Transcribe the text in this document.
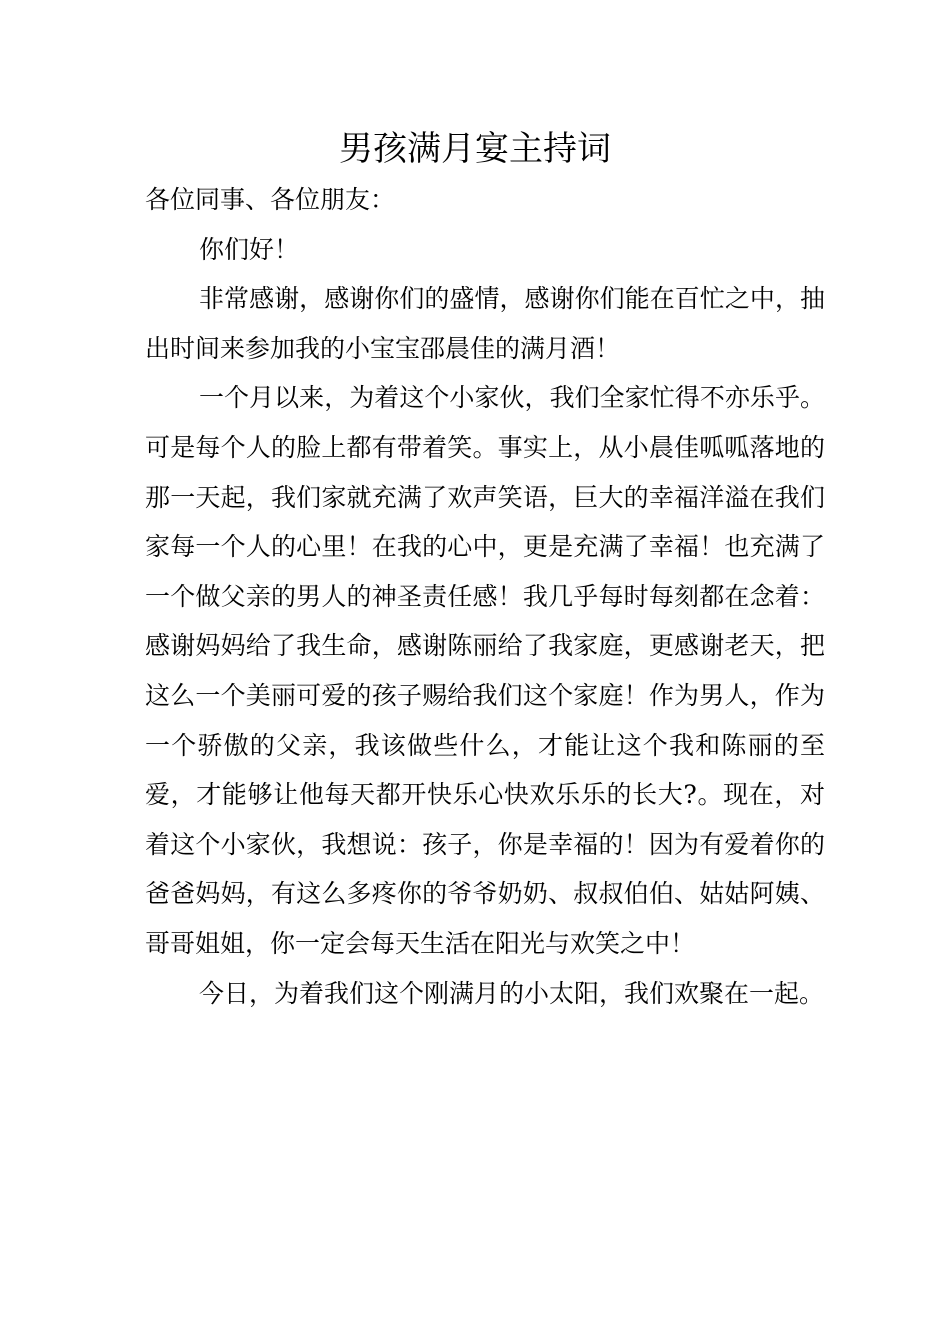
男孩满月宴主持词

各位同事、各位朋友：

你们好！

非常感谢，感谢你们的盛情，感谢你们能在百忙之中，抽出时间来参加我的小宝宝邵晨佳的满月酒！

一个月以来，为着这个小家伙，我们全家忙得不亦乐乎。可是每个人的脸上都有带着笑。事实上，从小晨佳呱呱落地的那一天起，我们家就充满了欢声笑语，巨大的幸福洋溢在我们家每一个人的心里！在我的心中，更是充满了幸福！也充满了一个做父亲的男人的神圣责任感！我几乎每时每刻都在念着：感谢妈妈给了我生命，感谢陈丽给了我家庭，更感谢老天，把这么一个美丽可爱的孩子赐给我们这个家庭！作为男人，作为一个骄傲的父亲，我该做些什么，才能让这个我和陈丽的至爱，才能够让他每天都开快乐心快欢乐乐的长大?。现在，对着这个小家伙，我想说：孩子，你是幸福的！因为有爱着你的爸爸妈妈，有这么多疼你的爷爷奶奶、叔叔伯伯、姑姑阿姨、哥哥姐姐，你一定会每天生活在阳光与欢笑之中！

今日，为着我们这个刚满月的小太阳，我们欢聚在一起。
